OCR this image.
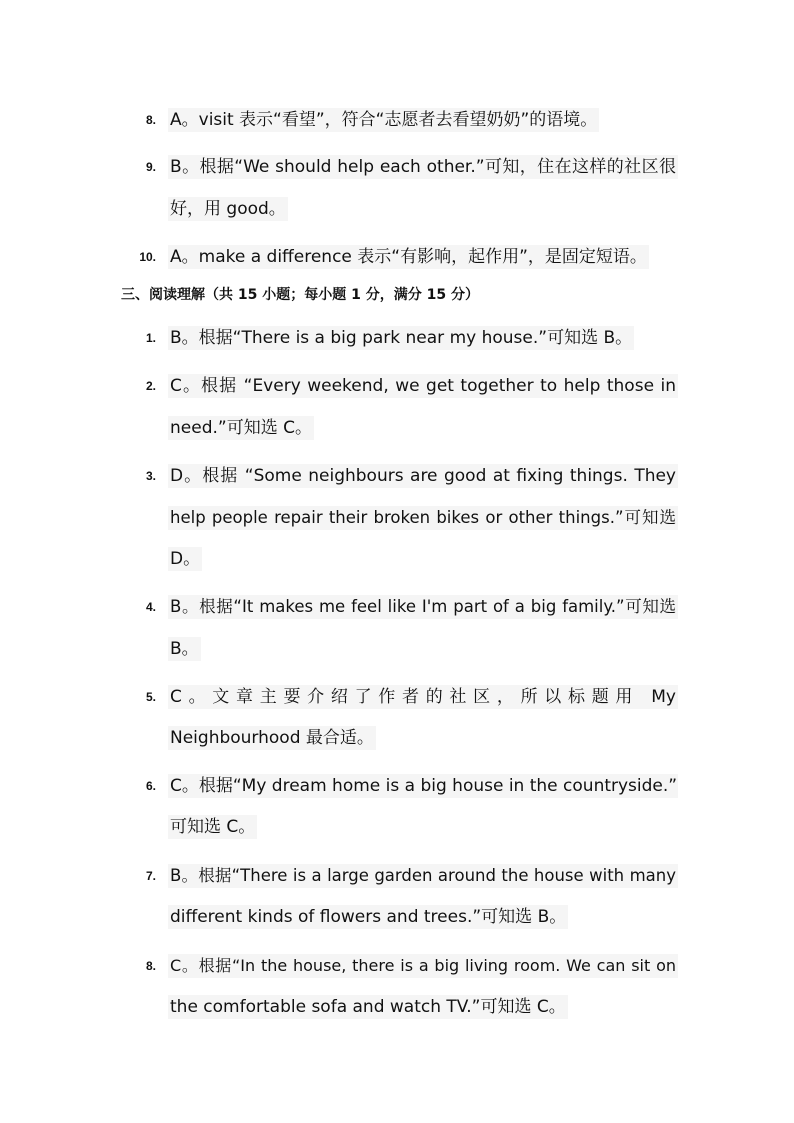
8. A。visit 表示“看望”，符合“志愿者去看望奶奶”的语境。
9. B。根据“We should help each other.”可知，住在这样的社区很
好，用 good。
10. A。make a difference 表示“有影响，起作用”，是固定短语。
三、阅读理解（共 15 小题；每小题 1 分，满分 15 分）
1. B。根据“There is a big park near my house.”可知选 B。
2. C。根据 “Every weekend, we get together to help those in
need.”可知选 C。
3. D。根据 “Some neighbours are good at fixing things. They
help people repair their broken bikes or other things.”可知选
D。
4. B。根据“It makes me feel like I'm part of a big family.”可知选
B。
5. C。文章主要介绍了作者的社区，所以标题用 My
Neighbourhood 最合适。
6. C。根据“My dream home is a big house in the countryside.”
可知选 C。
7. B。根据“There is a large garden around the house with many
different kinds of flowers and trees.”可知选 B。
8. C。根据“In the house, there is a big living room. We can sit on
the comfortable sofa and watch TV.”可知选 C。
